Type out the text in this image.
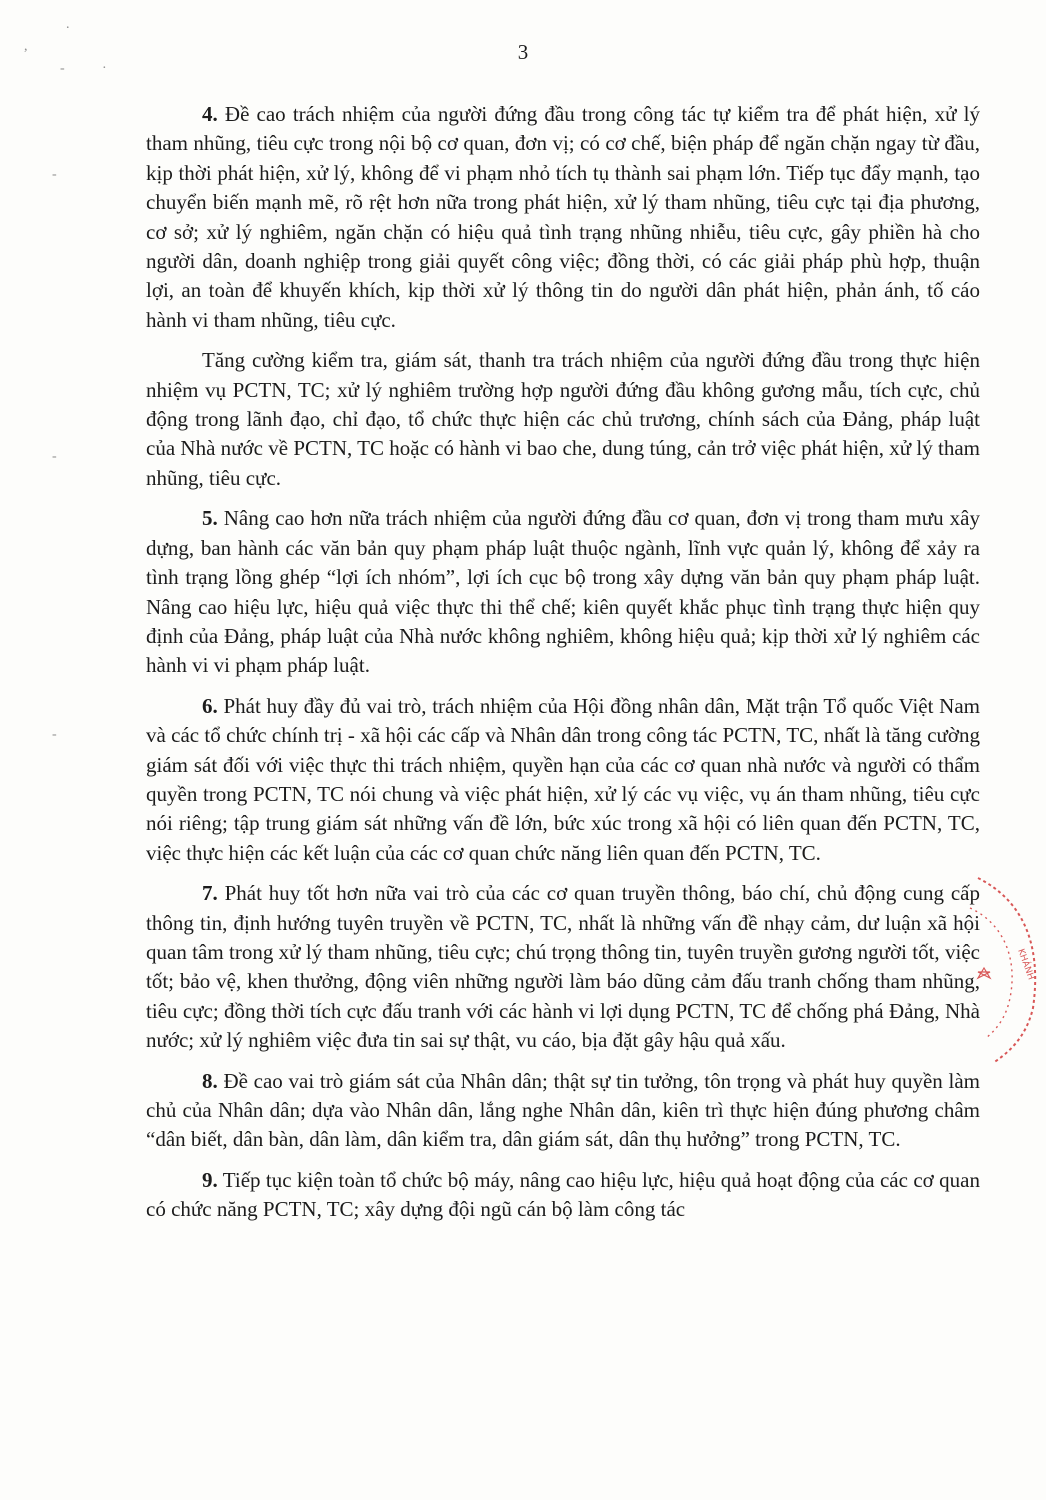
3
.
,
-	·
-
-
-

4. Đề cao trách nhiệm của người đứng đầu trong công tác tự kiểm tra để phát hiện, xử lý tham nhũng, tiêu cực trong nội bộ cơ quan, đơn vị; có cơ chế, biện pháp để ngăn chặn ngay từ đầu, kịp thời phát hiện, xử lý, không để vi phạm nhỏ tích tụ thành sai phạm lớn. Tiếp tục đẩy mạnh, tạo chuyển biến mạnh mẽ, rõ rệt hơn nữa trong phát hiện, xử lý tham nhũng, tiêu cực tại địa phương, cơ sở; xử lý nghiêm, ngăn chặn có hiệu quả tình trạng nhũng nhiễu, tiêu cực, gây phiền hà cho người dân, doanh nghiệp trong giải quyết công việc; đồng thời, có các giải pháp phù hợp, thuận lợi, an toàn để khuyến khích, kịp thời xử lý thông tin do người dân phát hiện, phản ánh, tố cáo hành vi tham nhũng, tiêu cực.

Tăng cường kiểm tra, giám sát, thanh tra trách nhiệm của người đứng đầu trong thực hiện nhiệm vụ PCTN, TC; xử lý nghiêm trường hợp người đứng đầu không gương mẫu, tích cực, chủ động trong lãnh đạo, chỉ đạo, tổ chức thực hiện các chủ trương, chính sách của Đảng, pháp luật của Nhà nước về PCTN, TC hoặc có hành vi bao che, dung túng, cản trở việc phát hiện, xử lý tham nhũng, tiêu cực.

5. Nâng cao hơn nữa trách nhiệm của người đứng đầu cơ quan, đơn vị trong tham mưu xây dựng, ban hành các văn bản quy phạm pháp luật thuộc ngành, lĩnh vực quản lý, không để xảy ra tình trạng lồng ghép “lợi ích nhóm”, lợi ích cục bộ trong xây dựng văn bản quy phạm pháp luật. Nâng cao hiệu lực, hiệu quả việc thực thi thể chế; kiên quyết khắc phục tình trạng thực hiện quy định của Đảng, pháp luật của Nhà nước không nghiêm, không hiệu quả; kịp thời xử lý nghiêm các hành vi vi phạm pháp luật.

6. Phát huy đầy đủ vai trò, trách nhiệm của Hội đồng nhân dân, Mặt trận Tổ quốc Việt Nam và các tổ chức chính trị - xã hội các cấp và Nhân dân trong công tác PCTN, TC, nhất là tăng cường giám sát đối với việc thực thi trách nhiệm, quyền hạn của các cơ quan nhà nước và người có thẩm quyền trong PCTN, TC nói chung và việc phát hiện, xử lý các vụ việc, vụ án tham nhũng, tiêu cực nói riêng; tập trung giám sát những vấn đề lớn, bức xúc trong xã hội có liên quan đến PCTN, TC, việc thực hiện các kết luận của các cơ quan chức năng liên quan đến PCTN, TC.

7. Phát huy tốt hơn nữa vai trò của các cơ quan truyền thông, báo chí, chủ động cung cấp thông tin, định hướng tuyên truyền về PCTN, TC, nhất là những vấn đề nhạy cảm, dư luận xã hội quan tâm trong xử lý tham nhũng, tiêu cực; chú trọng thông tin, tuyên truyền gương người tốt, việc tốt; bảo vệ, khen thưởng, động viên những người làm báo dũng cảm đấu tranh chống tham nhũng, tiêu cực; đồng thời tích cực đấu tranh với các hành vi lợi dụng PCTN, TC để chống phá Đảng, Nhà nước; xử lý nghiêm việc đưa tin sai sự thật, vu cáo, bịa đặt gây hậu quả xấu.

8. Đề cao vai trò giám sát của Nhân dân; thật sự tin tưởng, tôn trọng và phát huy quyền làm chủ của Nhân dân; dựa vào Nhân dân, lắng nghe Nhân dân, kiên trì thực hiện đúng phương châm “dân biết, dân bàn, dân làm, dân kiểm tra, dân giám sát, dân thụ hưởng” trong PCTN, TC.

9. Tiếp tục kiện toàn tổ chức bộ máy, nâng cao hiệu lực, hiệu quả hoạt động của các cơ quan có chức năng PCTN, TC; xây dựng đội ngũ cán bộ làm công tác

KHÁNH
